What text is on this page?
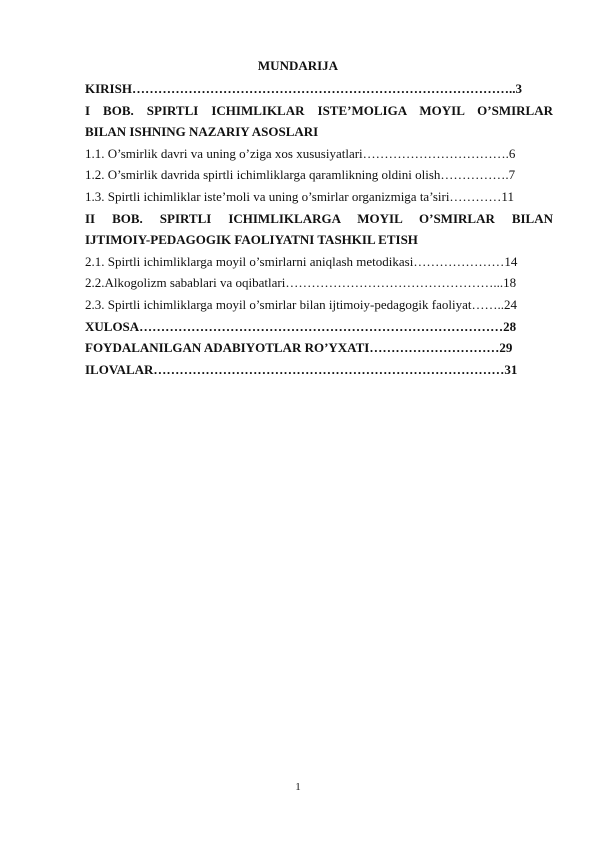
MUNDARIJA
KIRISH……………………………………………………………………………..3
I BOB. SPIRTLI ICHIMLIKLAR ISTE’MOLIGA MOYIL O’SMIRLAR
BILAN ISHNING NAZARIY ASOSLARI
1.1. O’smirlik davri va uning o’ziga xos xususiyatlari…………………………….6
1.2. O’smirlik davrida spirtli ichimliklarga qaramlikning oldini olish…………….7
1.3. Spirtli ichimliklar iste’moli va uning o’smirlar organizmiga ta’siri…………11
II BOB. SPIRTLI ICHIMLIKLARGA MOYIL O’SMIRLAR BILAN
IJTIMOIY-PEDAGOGIK FAOLIYATNI TASHKIL ETISH
2.1. Spirtli ichimliklarga moyil o’smirlarni aniqlash metodikasi…………………14
2.2.Alkogolizm sabablari va oqibatlari…………………………………………...18
2.3. Spirtli ichimliklarga moyil o’smirlar bilan ijtimoiy-pedagogik faoliyat……..24
XULOSA…………………………………………………………………………28
FOYDALANILGAN ADABIYOTLAR RO’YXATI…………………………29
ILOVALAR………………………………………………………………………31
1
